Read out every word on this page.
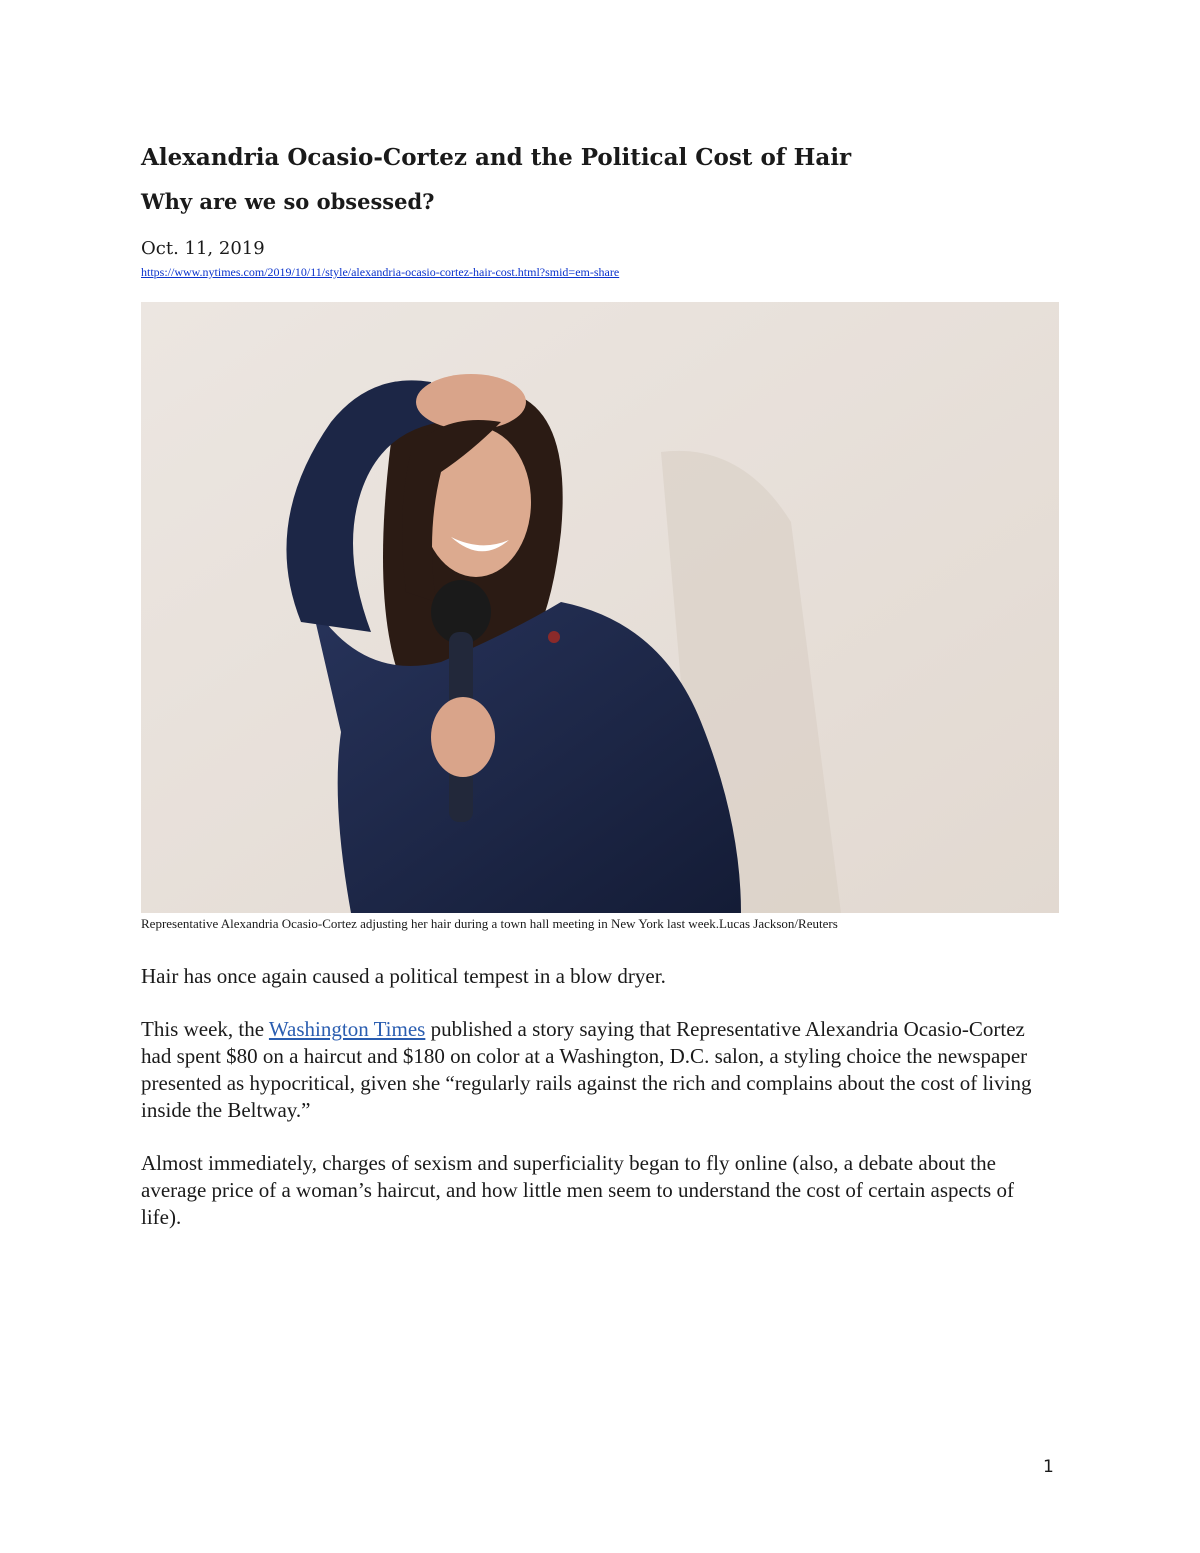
Alexandria Ocasio-Cortez and the Political Cost of Hair
Why are we so obsessed?
Oct. 11, 2019
https://www.nytimes.com/2019/10/11/style/alexandria-ocasio-cortez-hair-cost.html?smid=em-share
Representative Alexandria Ocasio-Cortez adjusting her hair during a town hall meeting in New York last week.Lucas Jackson/Reuters

Hair has once again caused a political tempest in a blow dryer.

This week, the Washington Times published a story saying that Representative Alexandria Ocasio-Cortez had spent $80 on a haircut and $180 on color at a Washington, D.C. salon, a styling choice the newspaper presented as hypocritical, given she “regularly rails against the rich and complains about the cost of living inside the Beltway.”

Almost immediately, charges of sexism and superficiality began to fly online (also, a debate about the average price of a woman’s haircut, and how little men seem to understand the cost of certain aspects of life).

1
